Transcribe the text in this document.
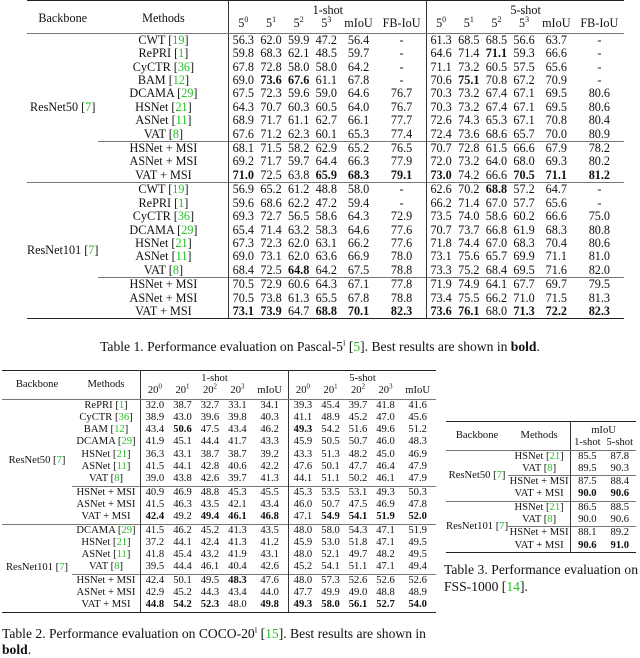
Backbone	Methods	1-shot						5-shot					
		$5^0$	$5^1$	$5^2$	$5^3$	mIoU	FB-IoU	$5^0$	$5^1$	$5^2$	$5^3$	mIoU	FB-IoU
ResNet50 [7]	CWT [19]	56.3	62.0	59.9	47.2	56.4	-	61.3	68.5	68.5	56.6	63.7	-
	RePRI [1]	59.8	68.3	62.1	48.5	59.7	-	64.6	71.4	71.1	59.3	66.6	-
	CyCTR [36]	67.8	72.8	58.0	58.0	64.2	-	71.1	73.2	60.5	57.5	65.6	-
	BAM [12]	69.0	73.6	67.6	61.1	67.8	-	70.6	75.1	70.8	67.2	70.9	-
	DCAMA [29]	67.5	72.3	59.6	59.0	64.6	76.7	70.3	73.2	67.4	67.1	69.5	80.6
	HSNet [21]	64.3	70.7	60.3	60.5	64.0	76.7	70.3	73.2	67.4	67.1	69.5	80.6
	ASNet [11]	68.9	71.7	61.1	62.7	66.1	77.7	72.6	74.3	65.3	67.1	70.8	80.4
	VAT [8]	67.6	71.2	62.3	60.1	65.3	77.4	72.4	73.6	68.6	65.7	70.0	80.9
	HSNet + MSI	68.1	71.5	58.2	62.9	65.2	76.5	70.7	72.8	61.5	66.6	67.9	78.2
	ASNet + MSI	69.2	71.7	59.7	64.4	66.3	77.9	72.0	73.2	64.0	68.0	69.3	80.2
	VAT + MSI	71.0	72.5	63.8	65.9	68.3	79.1	73.0	74.2	66.6	70.5	71.1	81.2
ResNet101 [7]	CWT [19]	56.9	65.2	61.2	48.8	58.0	-	62.6	70.2	68.8	57.2	64.7	-
	RePRI [1]	59.6	68.6	62.2	47.2	59.4	-	66.2	71.4	67.0	57.7	65.6	-
	CyCTR [36]	69.3	72.7	56.5	58.6	64.3	72.9	73.5	74.0	58.6	60.2	66.6	75.0
	DCAMA [29]	65.4	71.4	63.2	58.3	64.6	77.6	70.7	73.7	66.8	61.9	68.3	80.8
	HSNet [21]	67.3	72.3	62.0	63.1	66.2	77.6	71.8	74.4	67.0	68.3	70.4	80.6
	ASNet [11]	69.0	73.1	62.0	63.6	66.9	78.0	73.1	75.6	65.7	69.9	71.1	81.0
	VAT [8]	68.4	72.5	64.8	64.2	67.5	78.8	73.3	75.2	68.4	69.5	71.6	82.0
	HSNet + MSI	70.5	72.9	60.6	64.3	67.1	77.8	71.9	74.9	64.1	67.7	69.7	79.5
	ASNet + MSI	70.5	73.8	61.3	65.5	67.8	78.8	73.4	75.5	66.2	71.0	71.5	81.3
	VAT + MSI	73.1	73.9	64.7	68.8	70.1	82.3	73.6	76.1	68.0	71.3	72.2	82.3
Table 1. Performance evaluation on Pascal-5$^i$ [5]. Best results are shown in bold.
Backbone	Methods	1-shot					5-shot				
		$20^0$	$20^1$	$20^2$	$20^3$	mIoU	$20^0$	$20^1$	$20^2$	$20^3$	mIoU
ResNet50 [7]	RePRI [1]	32.0	38.7	32.7	33.1	34.1	39.3	45.4	39.7	41.8	41.6
	CyCTR [36]	38.9	43.0	39.6	39.8	40.3	41.1	48.9	45.2	47.0	45.6
	BAM [12]	43.4	50.6	47.5	43.4	46.2	49.3	54.2	51.6	49.6	51.2
	DCAMA [29]	41.9	45.1	44.4	41.7	43.3	45.9	50.5	50.7	46.0	48.3
	HSNet [21]	36.3	43.1	38.7	38.7	39.2	43.3	51.3	48.2	45.0	46.9
	ASNet [11]	41.5	44.1	42.8	40.6	42.2	47.6	50.1	47.7	46.4	47.9
	VAT [8]	39.0	43.8	42.6	39.7	41.3	44.1	51.1	50.2	46.1	47.9
	HSNet + MSI	40.9	46.9	48.8	45.3	45.5	45.3	53.5	53.1	49.3	50.3
	ASNet + MSI	41.5	46.3	43.5	42.1	43.4	46.0	50.7	47.5	46.9	47.8
	VAT + MSI	42.4	49.2	49.4	46.1	46.8	47.1	54.9	54.1	51.9	52.0
ResNet101 [7]	DCAMA [29]	41.5	46.2	45.2	41.3	43.5	48.0	58.0	54.3	47.1	51.9
	HSNet [21]	37.2	44.1	42.4	41.3	41.2	45.9	53.0	51.8	47.1	49.5
	ASNet [11]	41.8	45.4	43.2	41.9	43.1	48.0	52.1	49.7	48.2	49.5
	VAT [8]	39.5	44.4	46.1	40.4	42.6	45.2	54.1	51.1	47.1	49.4
	HSNet + MSI	42.4	50.1	49.5	48.3	47.6	48.0	57.3	52.6	52.6	52.6
	ASNet + MSI	42.9	45.2	44.3	43.4	44.0	47.7	49.9	49.0	48.8	48.9
	VAT + MSI	44.8	54.2	52.3	48.0	49.8	49.3	58.0	56.1	52.7	54.0
Table 2. Performance evaluation on COCO-20$^i$ [15]. Best results are shown in bold.
Backbone	Methods	mIoU	
		1-shot	5-shot
ResNet50 [7]	HSNet [21]	85.5	87.8
	VAT [8]	89.5	90.3
	HSNet + MSI	87.5	88.4
	VAT + MSI	90.0	90.6
ResNet101 [7]	HSNet [21]	86.5	88.5
	VAT [8]	90.0	90.6
	HSNet + MSI	88.1	89.2
	VAT + MSI	90.6	91.0
Table 3. Performance evaluation on FSS-1000 [14].
